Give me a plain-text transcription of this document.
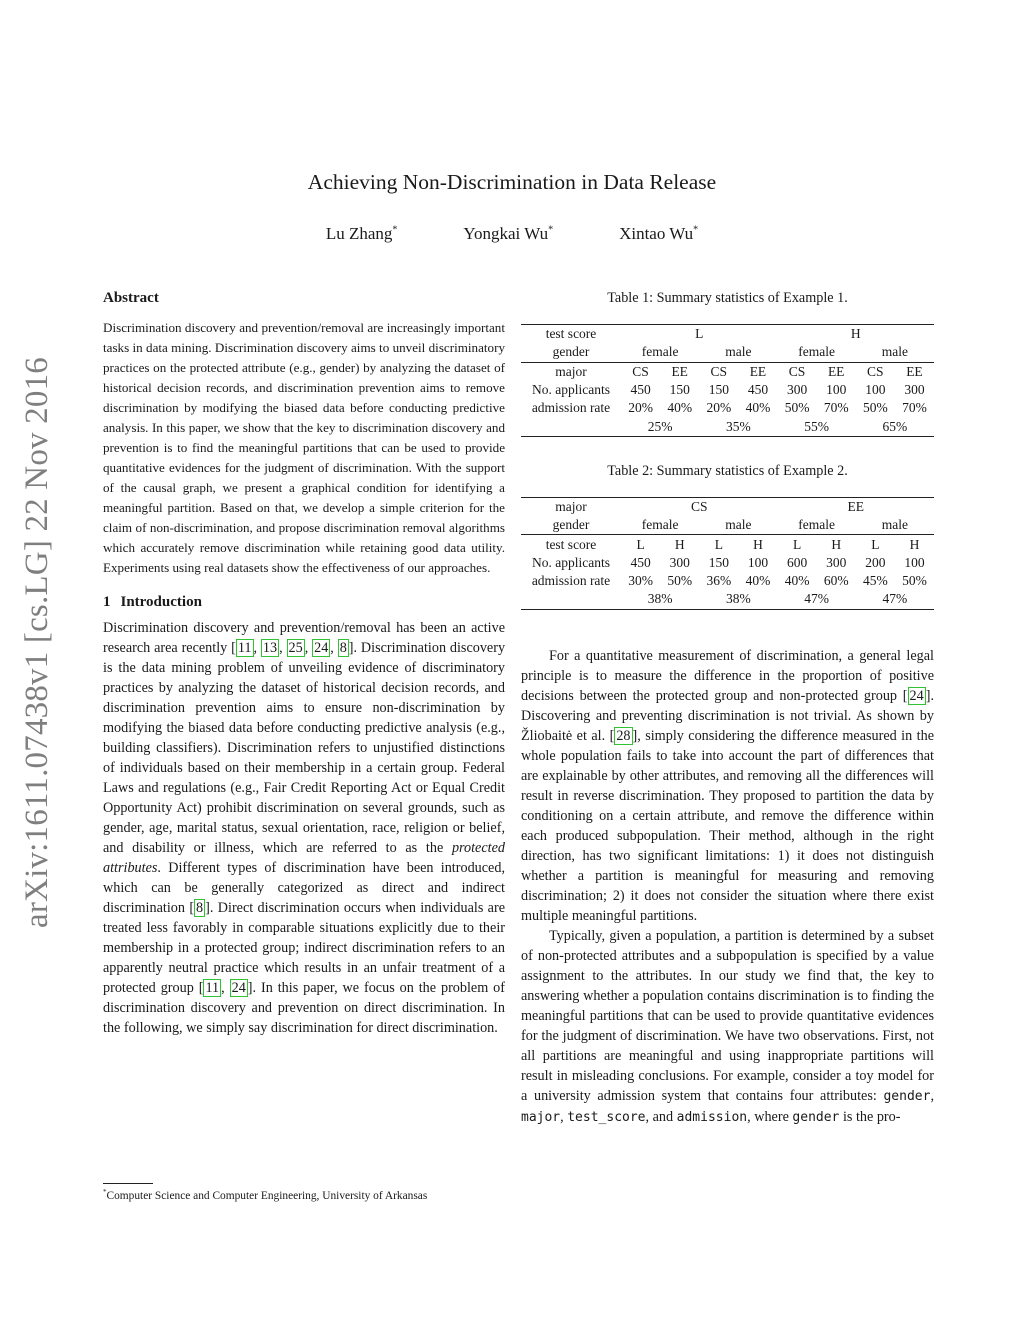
arXiv:1611.07438v1 [cs.LG] 22 Nov 2016
Achieving Non-Discrimination in Data Release
Lu Zhang*	Yongkai Wu*	Xintao Wu*
Abstract

Discrimination discovery and prevention/removal are increasingly important tasks in data mining. Discrimination discovery aims to unveil discriminatory practices on the protected attribute (e.g., gender) by analyzing the dataset of historical decision records, and discrimination prevention aims to remove discrimination by modifying the biased data before conducting predictive analysis. In this paper, we show that the key to discrimination discovery and prevention is to find the meaningful partitions that can be used to provide quantitative evidences for the judgment of discrimination. With the support of the causal graph, we present a graphical condition for identifying a meaningful partition. Based on that, we develop a simple criterion for the claim of non-discrimination, and propose discrimination removal algorithms which accurately remove discrimination while retaining good data utility. Experiments using real datasets show the effectiveness of our approaches.

1 Introduction

Discrimination discovery and prevention/removal has been an active research area recently [ 11 , 13 , 25 , 24 , 8 ]. Discrimination discovery is the data mining problem of unveiling evidence of discriminatory practices by analyzing the dataset of historical decision records, and discrimination prevention aims to ensure non-discrimination by modifying the biased data before conducting predictive analysis (e.g., building classifiers). Discrimination refers to unjustified distinctions of individuals based on their membership in a certain group. Federal Laws and regulations (e.g., Fair Credit Reporting Act or Equal Credit Opportunity Act) prohibit discrimination on several grounds, such as gender, age, marital status, sexual orientation, race, religion or belief, and disability or illness, which are referred to as the protected attributes. Different types of discrimination have been introduced, which can be generally categorized as direct and indirect discrimination [ 8 ]. Direct discrimination occurs when individuals are treated less favorably in comparable situations explicitly due to their membership in a protected group; indirect discrimination refers to an apparently neutral practice which results in an unfair treatment of a protected group [ 11 , 24 ]. In this paper, we focus on the problem of discrimination discovery and prevention on direct discrimination. In the following, we simply say discrimination for direct discrimination.

*Computer Science and Computer Engineering, University of Arkansas
Table 1: Summary statistics of Example 1.
test score	L				H			
gender	female		male		female		male	
major	CS	EE	CS	EE	CS	EE	CS	EE
No. applicants	450	150	150	450	300	100	100	300
admission rate	20%	40%	20%	40%	50%	70%	50%	70%
	25%		35%		55%		65%	
Table 2: Summary statistics of Example 2.
major	CS				EE			
gender	female		male		female		male	
test score	L	H	L	H	L	H	L	H
No. applicants	450	300	150	100	600	300	200	100
admission rate	30%	50%	36%	40%	40%	60%	45%	50%
	38%		38%		47%		47%	

For a quantitative measurement of discrimination, a general legal principle is to measure the difference in the proportion of positive decisions between the protected group and non-protected group [ 24 ]. Discovering and preventing discrimination is not trivial. As shown by Žliobaitė et al. [ 28 ], simply considering the difference measured in the whole population fails to take into account the part of differences that are explainable by other attributes, and removing all the differences will result in reverse discrimination. They proposed to partition the data by conditioning on a certain attribute, and remove the difference within each produced subpopulation. Their method, although in the right direction, has two significant limitations: 1) it does not distinguish whether a partition is meaningful for measuring and removing discrimination; 2) it does not consider the situation where there exist multiple meaningful partitions.

Typically, given a population, a partition is determined by a subset of non-protected attributes and a subpopulation is specified by a value assignment to the attributes. In our study we find that, the key to answering whether a population contains discrimination is to finding the meaningful partitions that can be used to provide quantitative evidences for the judgment of discrimination. We have two observations. First, not all partitions are meaningful and using inappropriate partitions will result in misleading conclusions. For example, consider a toy model for a university admission system that contains four attributes: gender, major, test_score, and admission, where gender is the pro-
